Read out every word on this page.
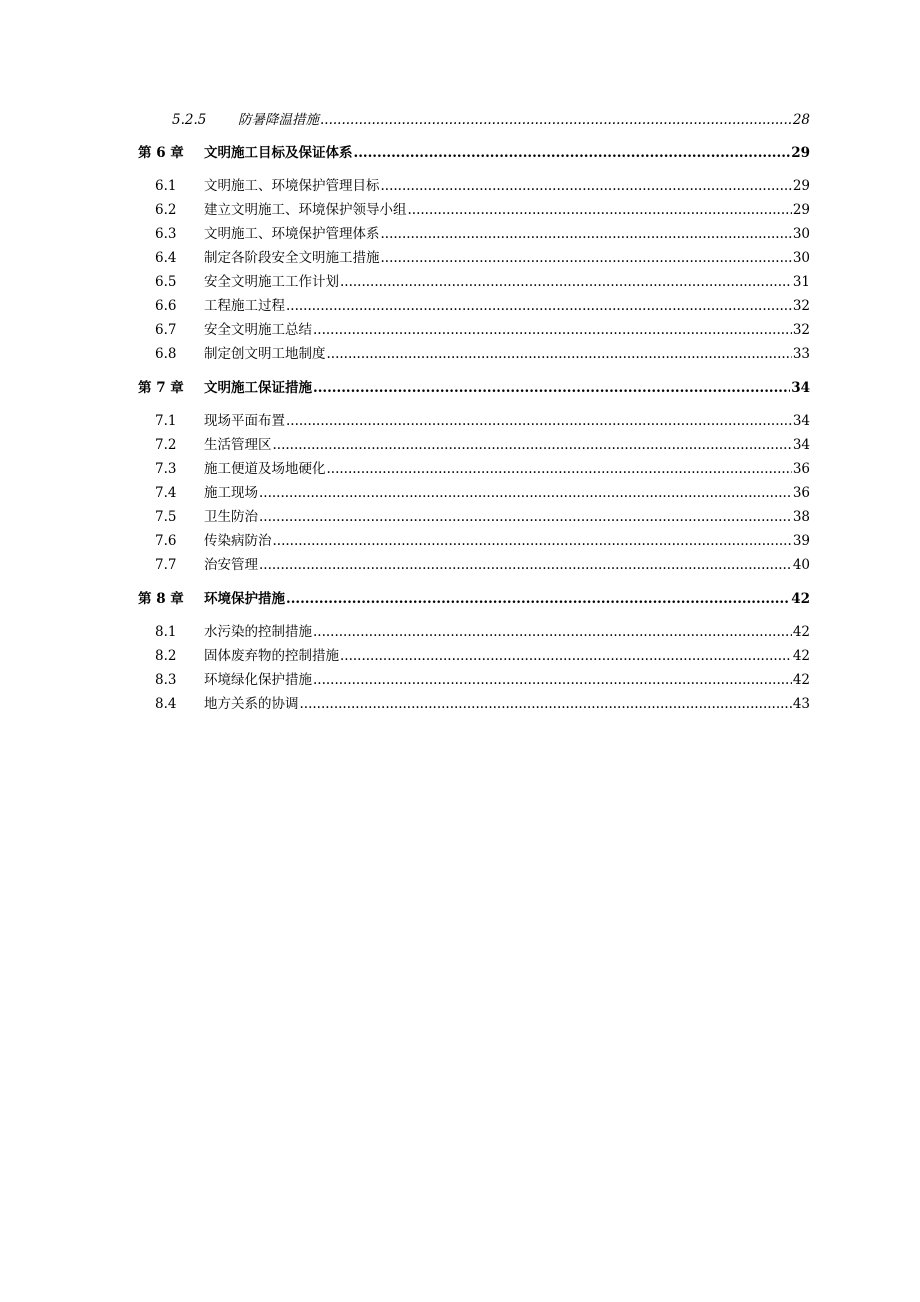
5.2.5 防暑降温措施 .....	28
第 6 章 文明施工目标及保证体系 .....	29
6.1 文明施工、环境保护管理目标 .....	29
6.2 建立文明施工、环境保护领导小组 .....	29
6.3 文明施工、环境保护管理体系 .....	30
6.4 制定各阶段安全文明施工措施 .....	30
6.5 安全文明施工工作计划 .....	31
6.6 工程施工过程 .....	32
6.7 安全文明施工总结 .....	32
6.8 制定创文明工地制度 .....	33
第 7 章 文明施工保证措施 .....	34
7.1 现场平面布置 .....	34
7.2 生活管理区 .....	34
7.3 施工便道及场地硬化 .....	36
7.4 施工现场 .....	36
7.5 卫生防治 .....	38
7.6 传染病防治 .....	39
7.7 治安管理 .....	40
第 8 章 环境保护措施 .....	42
8.1 水污染的控制措施 .....	42
8.2 固体废弃物的控制措施 .....	42
8.3 环境绿化保护措施 .....	42
8.4 地方关系的协调 .....	43
